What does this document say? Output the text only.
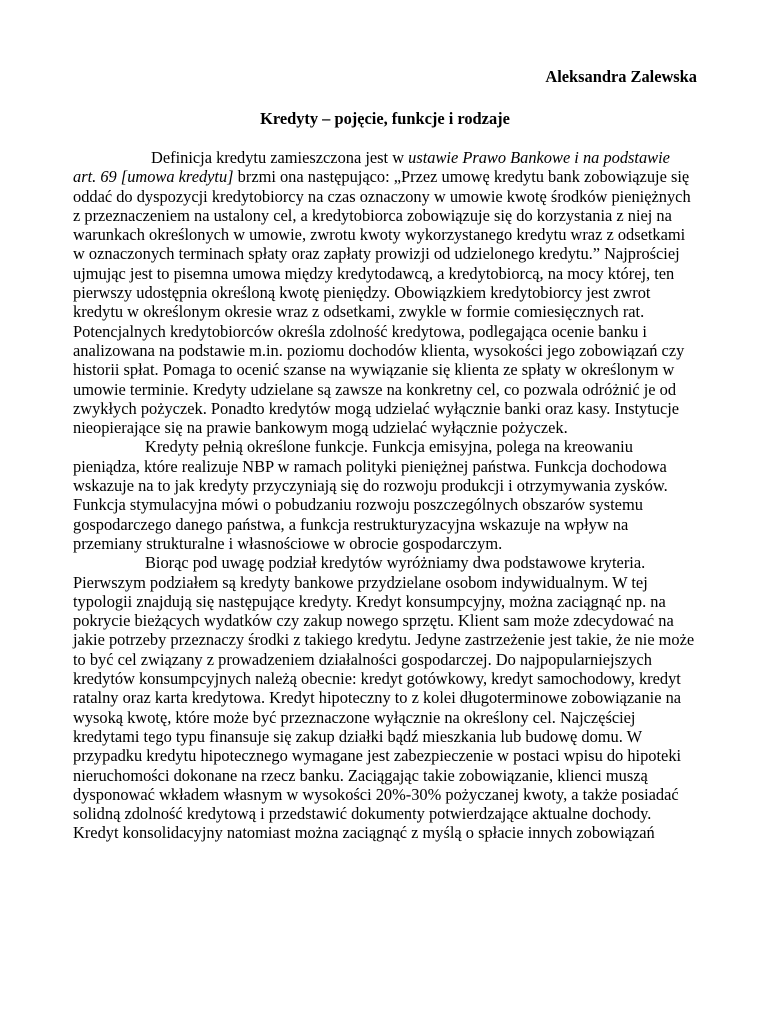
Aleksandra Zalewska

Kredyty – pojęcie, funkcje i rodzaje

Definicja kredytu zamieszczona jest w ustawie Prawo Bankowe i na podstawie art. 69 [umowa kredytu] brzmi ona następująco: „Przez umowę kredytu bank zobowiązuje się oddać do dyspozycji kredytobiorcy na czas oznaczony w umowie kwotę środków pieniężnych z przeznaczeniem na ustalony cel, a kredytobiorca zobowiązuje się do korzystania z niej na warunkach określonych w umowie, zwrotu kwoty wykorzystanego kredytu wraz z odsetkami w oznaczonych terminach spłaty oraz zapłaty prowizji od udzielonego kredytu.” Najprościej ujmując jest to pisemna umowa między kredytodawcą, a kredytobiorcą, na mocy której, ten pierwszy udostępnia określoną kwotę pieniędzy. Obowiązkiem kredytobiorcy jest zwrot kredytu w określonym okresie wraz z odsetkami, zwykle w formie comiesięcznych rat. Potencjalnych kredytobiorców określa zdolność kredytowa, podlegająca ocenie banku i analizowana na podstawie m.in. poziomu dochodów klienta, wysokości jego zobowiązań czy historii spłat. Pomaga to ocenić szanse na wywiązanie się klienta ze spłaty w określonym w umowie terminie. Kredyty udzielane są zawsze na konkretny cel, co pozwala odróżnić je od zwykłych pożyczek. Ponadto kredytów mogą udzielać wyłącznie banki oraz kasy. Instytucje nieopierające się na prawie bankowym mogą udzielać wyłącznie pożyczek.

Kredyty pełnią określone funkcje. Funkcja emisyjna, polega na kreowaniu pieniądza, które realizuje NBP w ramach polityki pieniężnej państwa. Funkcja dochodowa wskazuje na to jak kredyty przyczyniają się do rozwoju produkcji i otrzymywania zysków. Funkcja stymulacyjna mówi o pobudzaniu rozwoju poszczególnych obszarów systemu gospodarczego danego państwa, a funkcja restrukturyzacyjna wskazuje na wpływ na przemiany strukturalne i własnościowe w obrocie gospodarczym.

Biorąc pod uwagę podział kredytów wyróżniamy dwa podstawowe kryteria. Pierwszym podziałem są kredyty bankowe przydzielane osobom indywidualnym. W tej typologii znajdują się następujące kredyty. Kredyt konsumpcyjny, można zaciągnąć np. na pokrycie bieżących wydatków czy zakup nowego sprzętu. Klient sam może zdecydować na jakie potrzeby przeznaczy środki z takiego kredytu. Jedyne zastrzeżenie jest takie, że nie może to być cel związany z prowadzeniem działalności gospodarczej. Do najpopularniejszych kredytów konsumpcyjnych należą obecnie: kredyt gotówkowy, kredyt samochodowy, kredyt ratalny oraz karta kredytowa. Kredyt hipoteczny to z kolei długoterminowe zobowiązanie na wysoką kwotę, które może być przeznaczone wyłącznie na określony cel. Najczęściej kredytami tego typu finansuje się zakup działki bądź mieszkania lub budowę domu. W przypadku kredytu hipotecznego wymagane jest zabezpieczenie w postaci wpisu do hipoteki nieruchomości dokonane na rzecz banku. Zaciągając takie zobowiązanie, klienci muszą dysponować wkładem własnym w wysokości 20%-30% pożyczanej kwoty, a także posiadać solidną zdolność kredytową i przedstawić dokumenty potwierdzające aktualne dochody. Kredyt konsolidacyjny natomiast można zaciągnąć z myślą o spłacie innych zobowiązań
